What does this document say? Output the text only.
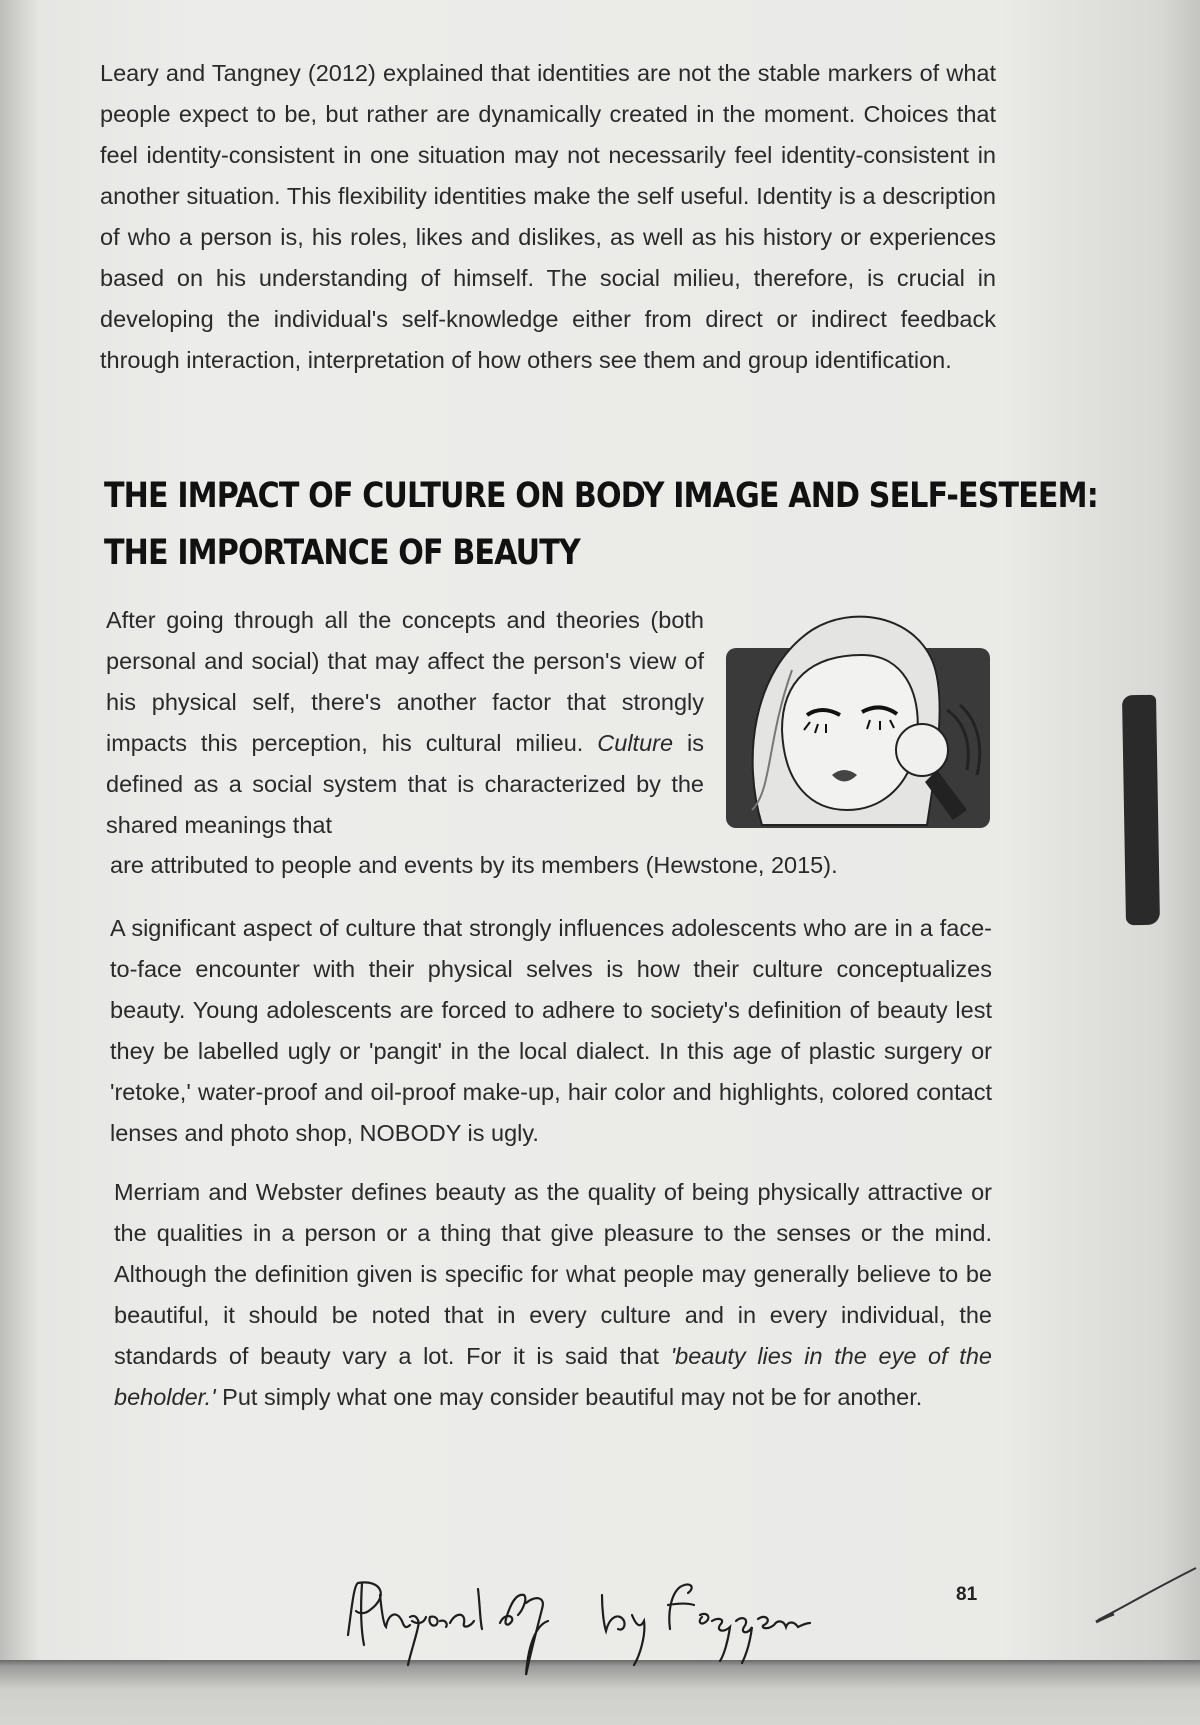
Leary and Tangney (2012) explained that identities are not the stable markers of what people expect to be, but rather are dynamically created in the moment. Choices that feel identity-consistent in one situation may not necessarily feel identity-consistent in another situation. This flexibility identities make the self useful. Identity is a description of who a person is, his roles, likes and dislikes, as well as his history or experiences based on his understanding of himself. The social milieu, therefore, is crucial in developing the individual's self-knowledge either from direct or indirect feedback through interaction, interpretation of how others see them and group identification.

THE IMPACT OF CULTURE ON BODY IMAGE AND SELF-ESTEEM:
THE IMPORTANCE OF BEAUTY

After going through all the concepts and theories (both personal and social) that may affect the person's view of his physical self, there's another factor that strongly impacts this perception, his cultural milieu. Culture is defined as a social system that is characterized by the shared meanings that

are attributed to people and events by its members (Hewstone, 2015).

A significant aspect of culture that strongly influences adolescents who are in a face-to-face encounter with their physical selves is how their culture conceptualizes beauty. Young adolescents are forced to adhere to society's definition of beauty lest they be labelled ugly or 'pangit' in the local dialect. In this age of plastic surgery or 'retoke,' water-proof and oil-proof make-up, hair color and highlights, colored contact lenses and photo shop, NOBODY is ugly.

Merriam and Webster defines beauty as the quality of being physically attractive or the qualities in a person or a thing that give pleasure to the senses or the mind. Although the definition given is specific for what people may generally believe to be beautiful, it should be noted that in every culture and in every individual, the standards of beauty vary a lot. For it is said that 'beauty lies in the eye of the beholder.' Put simply what one may consider beautiful may not be for another.

81
